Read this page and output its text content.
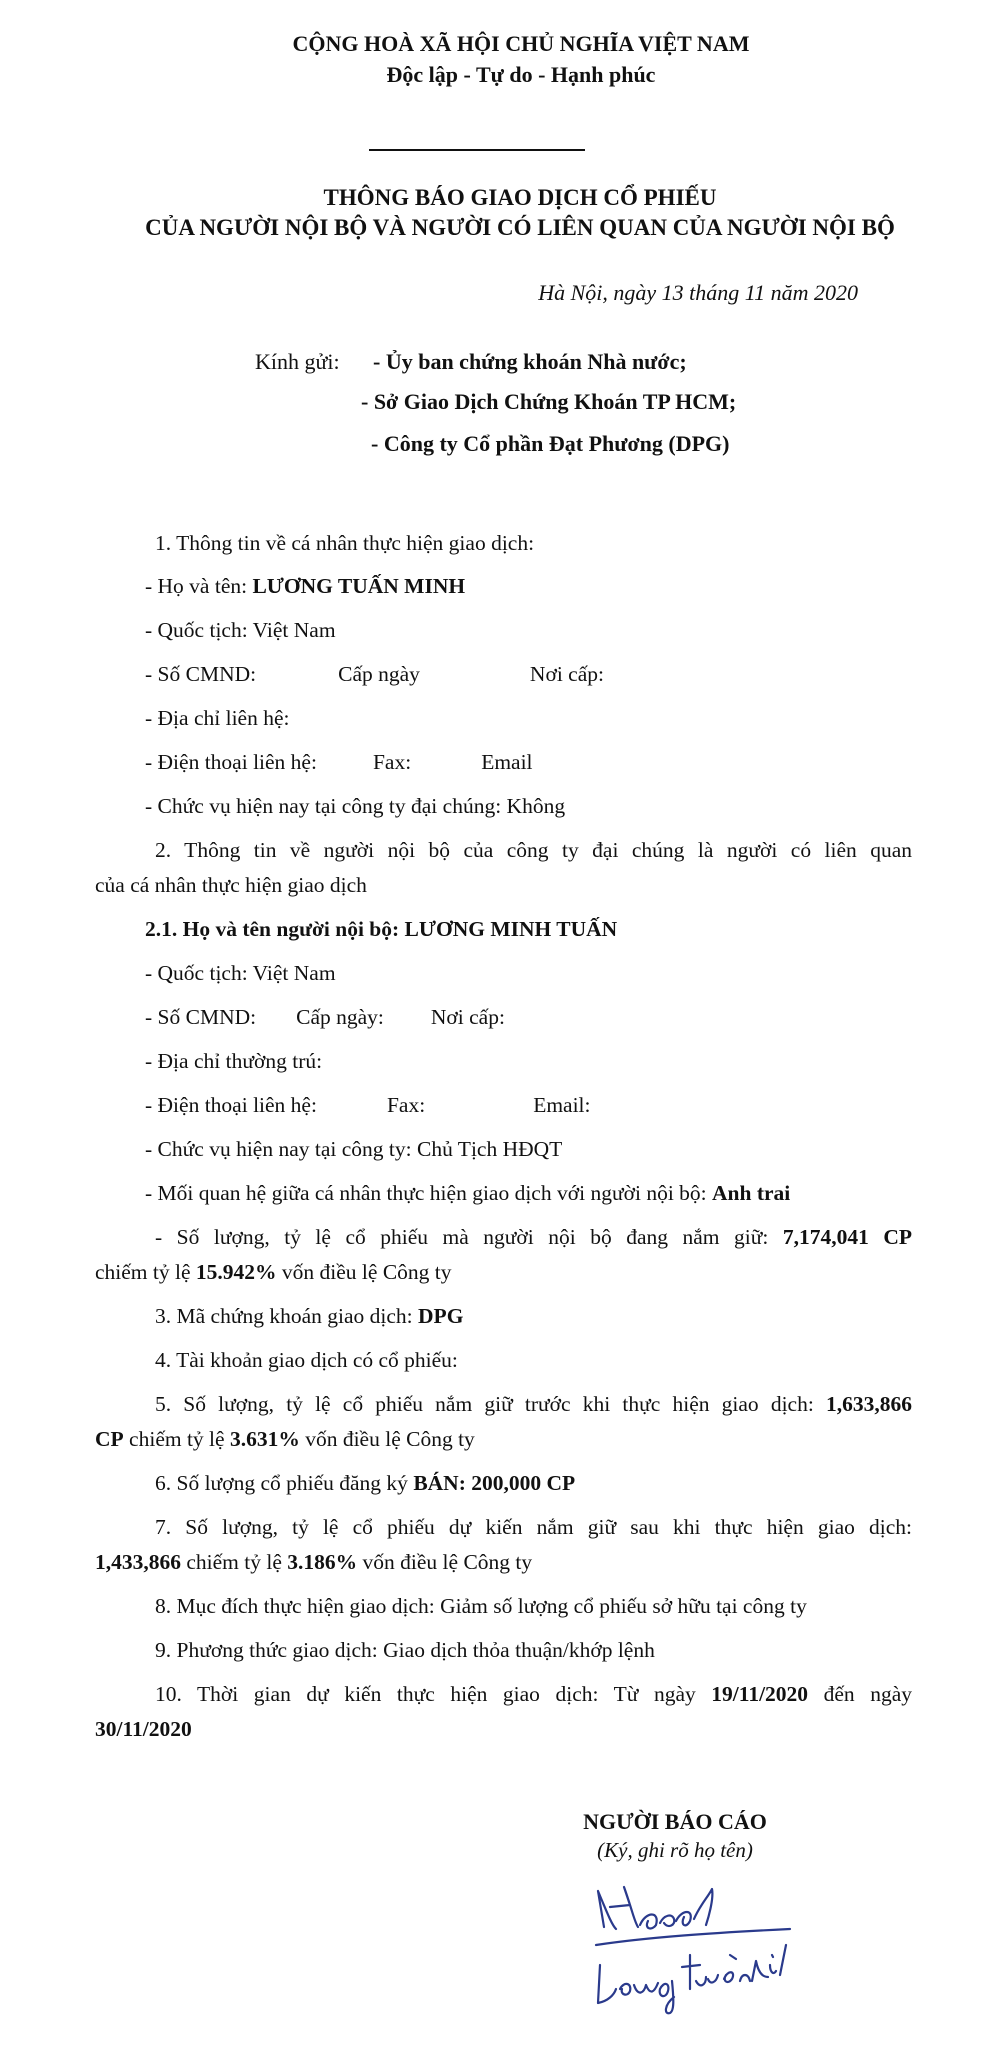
CỘNG HOÀ XÃ HỘI CHỦ NGHĨA VIỆT NAM
Độc lập - Tự do - Hạnh phúc
THÔNG BÁO GIAO DỊCH CỔ PHIẾU
CỦA NGƯỜI NỘI BỘ VÀ NGƯỜI CÓ LIÊN QUAN CỦA NGƯỜI NỘI BỘ
Hà Nội, ngày 13 tháng 11 năm 2020
Kính gửi: - Ủy ban chứng khoán Nhà nước;
- Sở Giao Dịch Chứng Khoán TP HCM;
- Công ty Cổ phần Đạt Phương (DPG)
1. Thông tin về cá nhân thực hiện giao dịch:
- Họ và tên: LƯƠNG TUẤN MINH
- Quốc tịch: Việt Nam
- Số CMND:	Cấp ngày	Nơi cấp:
- Địa chỉ liên hệ:
- Điện thoại liên hệ:	Fax:	Email
- Chức vụ hiện nay tại công ty đại chúng: Không
2. Thông tin về người nội bộ của công ty đại chúng là người có liên quan
của cá nhân thực hiện giao dịch
2.1. Họ và tên người nội bộ: LƯƠNG MINH TUẤN
- Quốc tịch: Việt Nam
- Số CMND: Cấp ngày: Nơi cấp:
- Địa chỉ thường trú:
- Điện thoại liên hệ:	Fax:	Email:
- Chức vụ hiện nay tại công ty: Chủ Tịch HĐQT
- Mối quan hệ giữa cá nhân thực hiện giao dịch với người nội bộ: Anh trai
- Số lượng, tỷ lệ cổ phiếu mà người nội bộ đang nắm giữ: 7,174,041 CP
chiếm tỷ lệ 15.942% vốn điều lệ Công ty
3. Mã chứng khoán giao dịch: DPG
4. Tài khoản giao dịch có cổ phiếu:
5. Số lượng, tỷ lệ cổ phiếu nắm giữ trước khi thực hiện giao dịch: 1,633,866
CP chiếm tỷ lệ 3.631% vốn điều lệ Công ty
6. Số lượng cổ phiếu đăng ký BÁN: 200,000 CP
7. Số lượng, tỷ lệ cổ phiếu dự kiến nắm giữ sau khi thực hiện giao dịch:
1,433,866 chiếm tỷ lệ 3.186% vốn điều lệ Công ty
8. Mục đích thực hiện giao dịch: Giảm số lượng cổ phiếu sở hữu tại công ty
9. Phương thức giao dịch: Giao dịch thỏa thuận/khớp lệnh
10. Thời gian dự kiến thực hiện giao dịch: Từ ngày 19/11/2020 đến ngày
30/11/2020
NGƯỜI BÁO CÁO
(Ký, ghi rõ họ tên)
